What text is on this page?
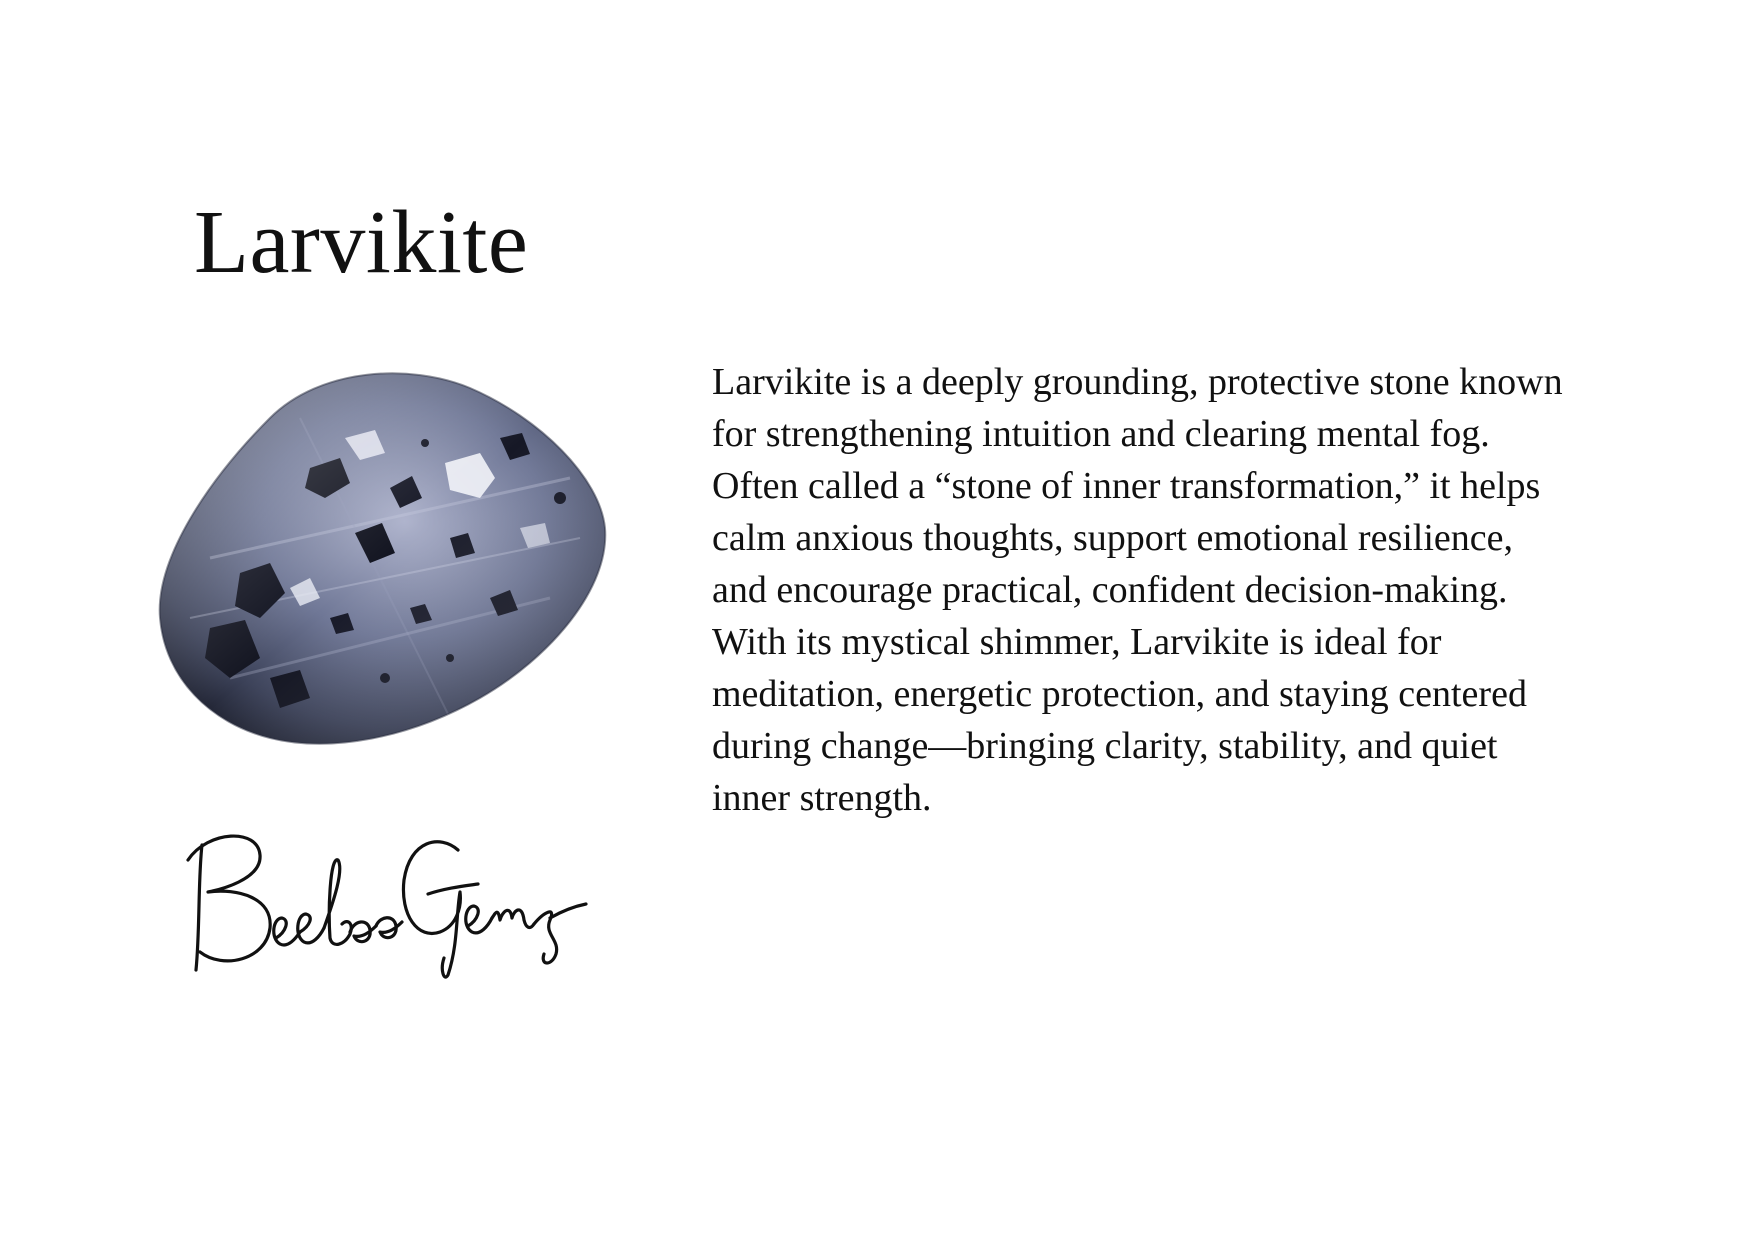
Larvikite

Larvikite is a deeply grounding, protective stone known
for strengthening intuition and clearing mental fog.
Often called a “stone of inner transformation,” it helps
calm anxious thoughts, support emotional resilience,
and encourage practical, confident decision-making.
With its mystical shimmer, Larvikite is ideal for
meditation, energetic protection, and staying centered
during change—bringing clarity, stability, and quiet
inner strength.
